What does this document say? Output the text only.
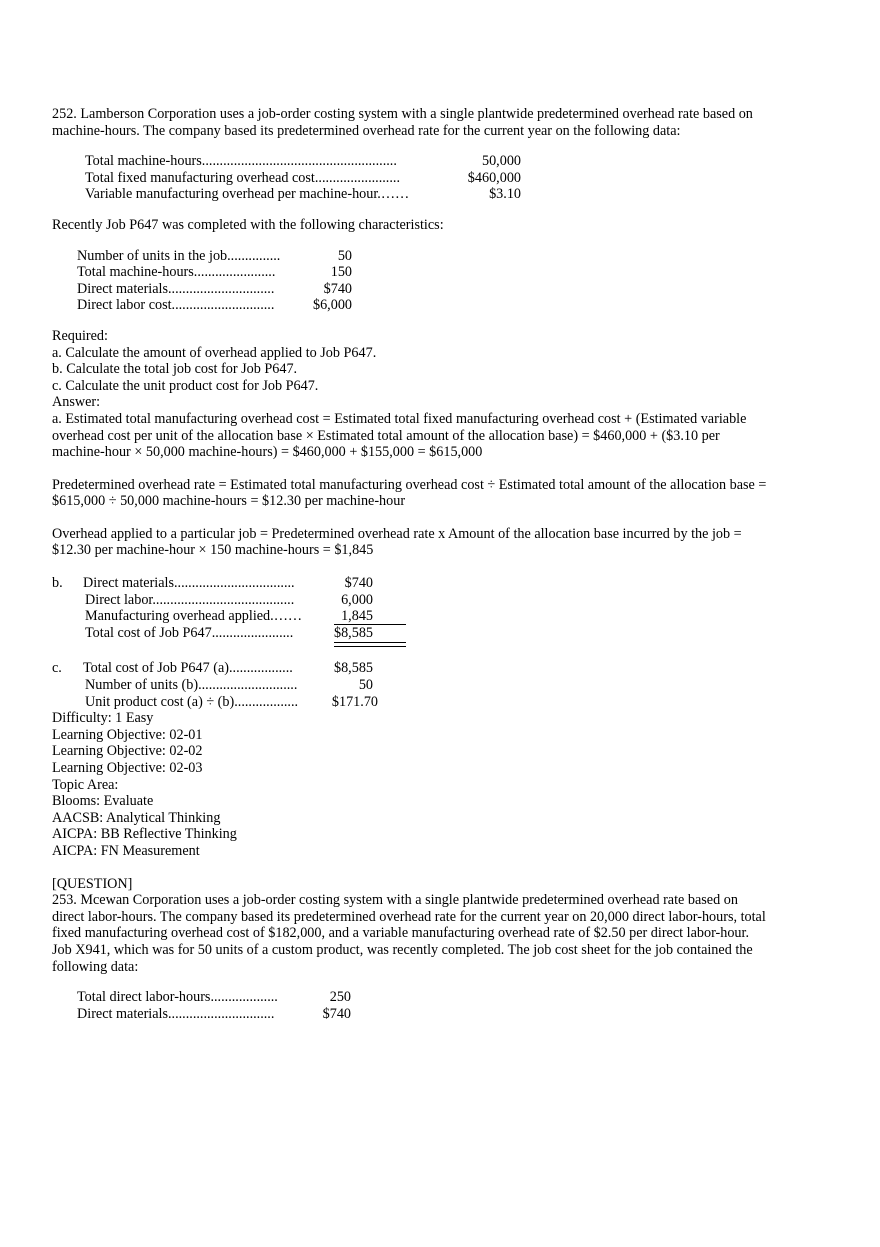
252. Lamberson Corporation uses a job-order costing system with a single plantwide predetermined overhead rate based on machine-hours. The company based its predetermined overhead rate for the current year on the following data:

Total machine-hours.......................................................	50,000
Total fixed manufacturing overhead cost........................	$460,000
Variable manufacturing overhead per machine-hour.……	$3.10

Recently Job P647 was completed with the following characteristics:

Number of units in the job...............	50
Total machine-hours.......................	150
Direct materials..............................	$740
Direct labor cost.............................	$6,000

Required:

a. Calculate the amount of overhead applied to Job P647.

b. Calculate the total job cost for Job P647.

c. Calculate the unit product cost for Job P647.

Answer:

a. Estimated total manufacturing overhead cost = Estimated total fixed manufacturing overhead cost + (Estimated variable overhead cost per unit of the allocation base × Estimated total amount of the allocation base) = $460,000 + ($3.10 per machine-hour × 50,000 machine-hours) = $460,000 + $155,000 = $615,000

Predetermined overhead rate = Estimated total manufacturing overhead cost ÷ Estimated total amount of the allocation base = $615,000 ÷ 50,000 machine-hours = $12.30 per machine-hour

Overhead applied to a particular job = Predetermined overhead rate x Amount of the allocation base incurred by the job = $12.30 per machine-hour × 150 machine-hours = $1,845

b. Direct materials..................................	$740
Direct labor........................................	6,000
Manufacturing overhead applied.……	1,845
Total cost of Job P647.......................	$8,585
c. Total cost of Job P647 (a)..................	$8,585
Number of units (b)............................	50
Unit product cost (a) ÷ (b)..................	$171.70

Difficulty: 1 Easy

Learning Objective: 02-01

Learning Objective: 02-02

Learning Objective: 02-03

Topic Area:

Blooms: Evaluate

AACSB: Analytical Thinking

AICPA: BB Reflective Thinking

AICPA: FN Measurement

[QUESTION]

253. Mcewan Corporation uses a job-order costing system with a single plantwide predetermined overhead rate based on direct labor-hours. The company based its predetermined overhead rate for the current year on 20,000 direct labor-hours, total fixed manufacturing overhead cost of $182,000, and a variable manufacturing overhead rate of $2.50 per direct labor-hour. Job X941, which was for 50 units of a custom product, was recently completed. The job cost sheet for the job contained the following data:

Total direct labor-hours...................	250
Direct materials..............................	$740
